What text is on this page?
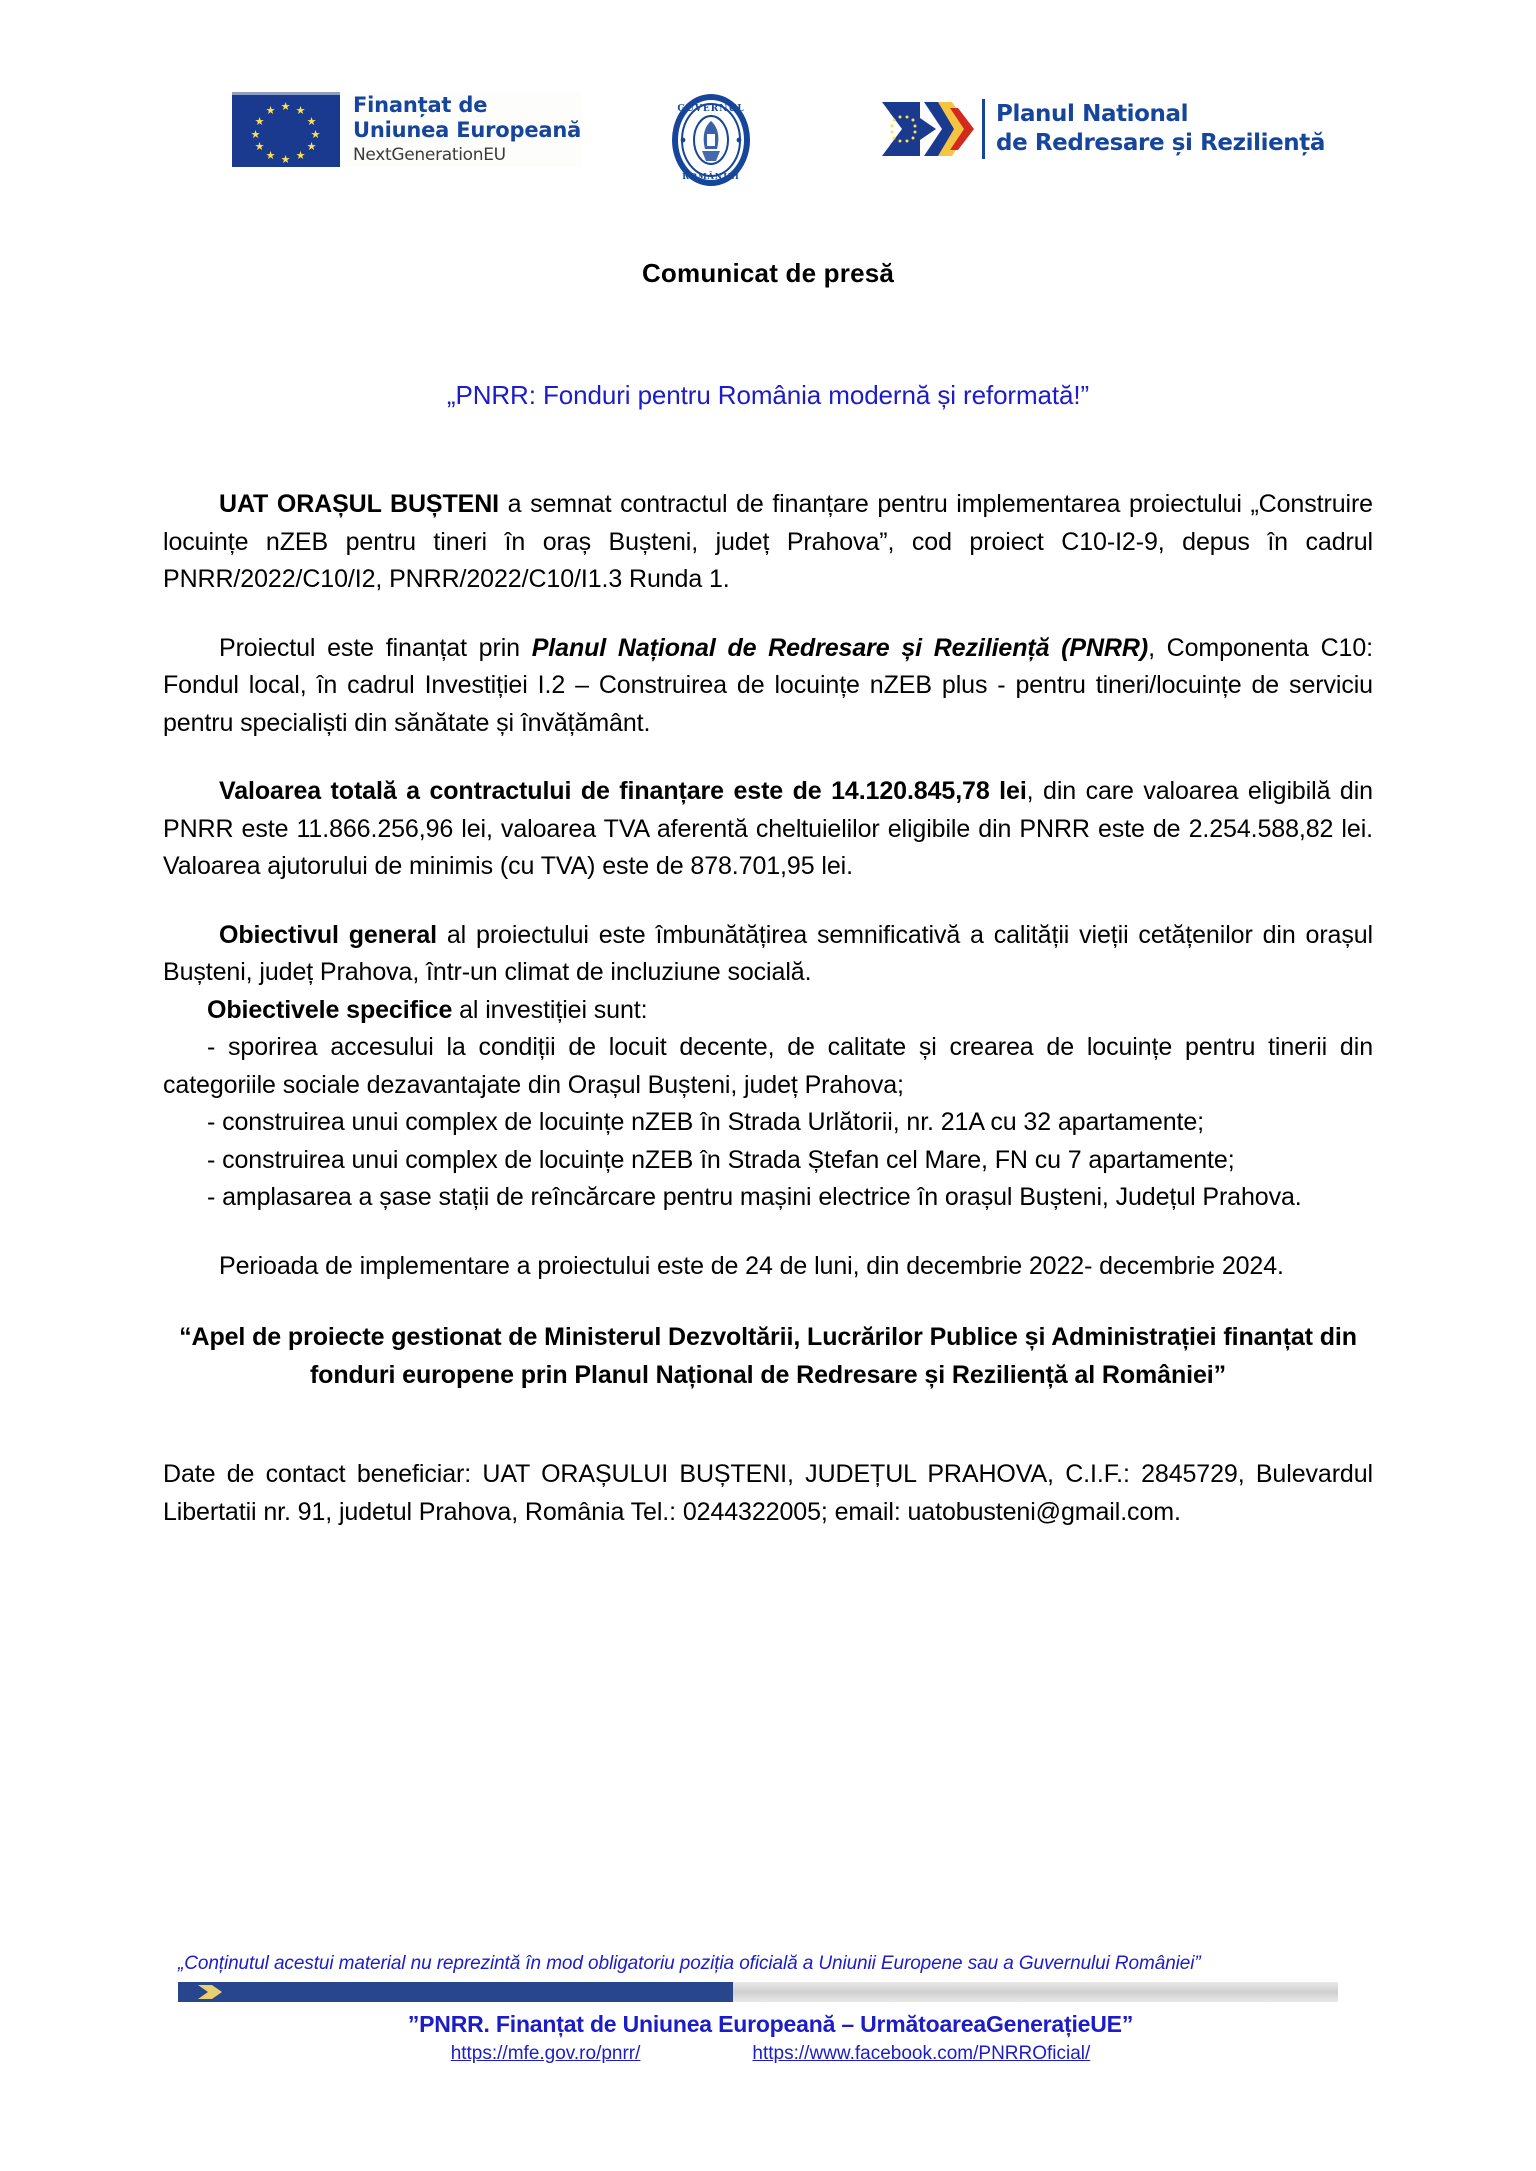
★
★ ★
★	★
★	★
★	★
★ ★
★
Finanțat de
Uniunea Europeană
NextGenerationEU
GUVERNUL
ROMÂNIEI
Planul National
de Redresare și Reziliență
Comunicat de presă
„PNRR: Fonduri pentru România modernă și reformată!”

UAT ORAȘUL BUȘTENI a semnat contractul de finanțare pentru implementarea proiectului „Construire locuințe nZEB pentru tineri în oraș Bușteni, județ Prahova”, cod proiect C10-I2-9, depus în cadrul PNRR/2022/C10/I2, PNRR/2022/C10/I1.3 Runda 1.

Proiectul este finanțat prin Planul Național de Redresare și Reziliență (PNRR), Componenta C10: Fondul local, în cadrul Investiției I.2 – Construirea de locuințe nZEB plus - pentru tineri/locuințe de serviciu pentru specialiști din sănătate și învățământ.

Valoarea totală a contractului de finanțare este de 14.120.845,78 lei, din care valoarea eligibilă din PNRR este 11.866.256,96 lei, valoarea TVA aferentă cheltuielilor eligibile din PNRR este de 2.254.588,82 lei. Valoarea ajutorului de minimis (cu TVA) este de 878.701,95 lei.

Obiectivul general al proiectului este îmbunătățirea semnificativă a calității vieții cetățenilor din orașul Bușteni, județ Prahova, într-un climat de incluziune socială.

Obiectivele specifice al investiției sunt:

- sporirea accesului la condiții de locuit decente, de calitate și crearea de locuințe pentru tinerii din categoriile sociale dezavantajate din Orașul Bușteni, județ Prahova;

- construirea unui complex de locuințe nZEB în Strada Urlătorii, nr. 21A cu 32 apartamente;

- construirea unui complex de locuințe nZEB în Strada Ștefan cel Mare, FN cu 7 apartamente;

- amplasarea a șase stații de reîncărcare pentru mașini electrice în orașul Bușteni, Județul Prahova.

Perioada de implementare a proiectului este de 24 de luni, din decembrie 2022- decembrie 2024.

“Apel de proiecte gestionat de Ministerul Dezvoltării, Lucrărilor Publice și Administrației finanțat din fonduri europene prin Planul Național de Redresare și Reziliență al României”
Date de contact beneficiar: UAT ORAȘULUI BUȘTENI, JUDEȚUL PRAHOVA, C.I.F.: 2845729, Bulevardul Libertatii nr. 91, judetul Prahova, România Tel.: 0244322005; email: uatobusteni@gmail.com.
„Conținutul acestui material nu reprezintă în mod obligatoriu poziția oficială a Uniunii Europene sau a Guvernului României”
”PNRR. Finanțat de Uniunea Europeană – UrmătoareaGenerațieUE”
https://mfe.gov.ro/pnrr/	https://www.facebook.com/PNRROficial/
